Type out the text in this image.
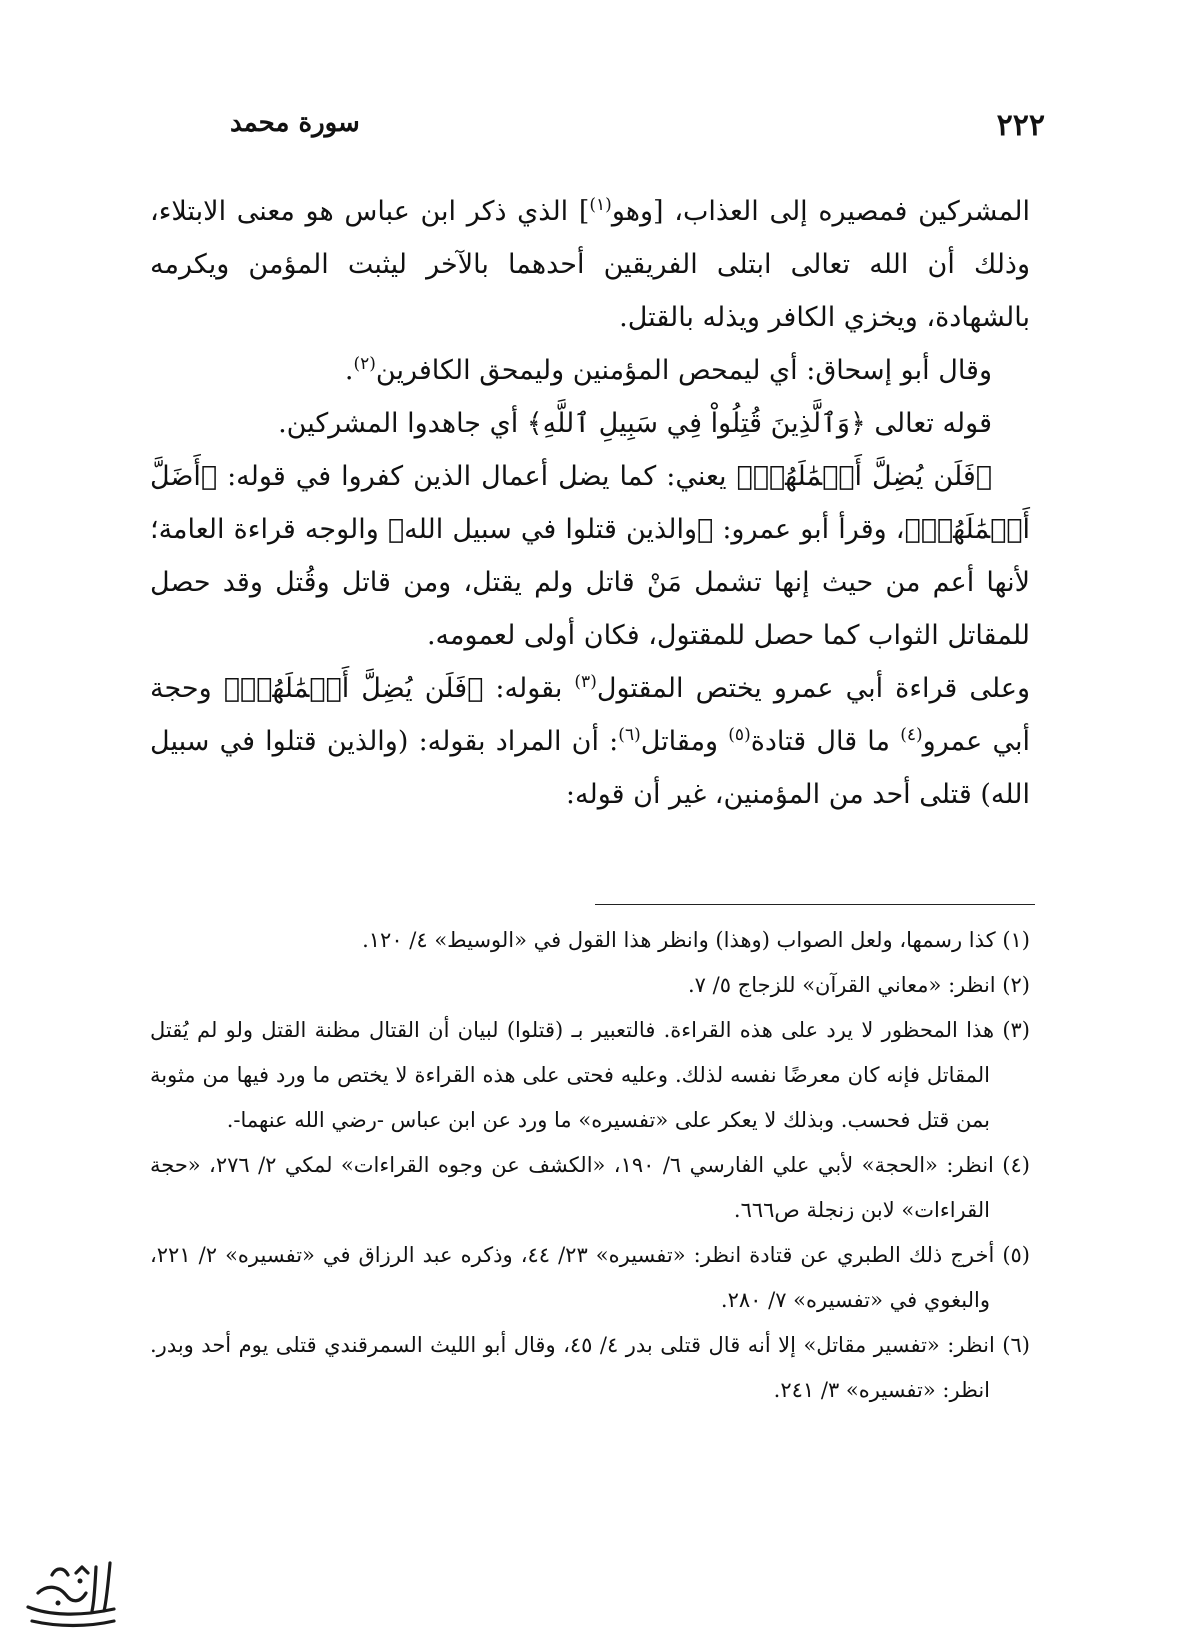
٢٢٢
سورة محمد

المشركين فمصيره إلى العذاب، [وهو$^{(١)}$] الذي ذكر ابن عباس هو معنى الابتلاء، وذلك أن الله تعالى ابتلى الفريقين أحدهما بالآخر ليثبت المؤمن ويكرمه بالشهادة، ويخزي الكافر ويذله بالقتل.

وقال أبو إسحاق: أي ليمحص المؤمنين وليمحق الكافرين$^{(٢)}$.

قوله تعالى ﴿وَٱلَّذِينَ قُتِلُواْ فِي سَبِيلِ ٱللَّهِ﴾ أي جاهدوا المشركين.

﴿فَلَن يُضِلَّ أَعۡمَٰلَهُمۡ﴾ يعني: كما يضل أعمال الذين كفروا في قوله: ﴿أَضَلَّ أَعۡمَٰلَهُمۡ﴾، وقرأ أبو عمرو: ﴿والذين قتلوا في سبيل الله﴾ والوجه قراءة العامة؛ لأنها أعم من حيث إنها تشمل مَنْ قاتل ولم يقتل، ومن قاتل وقُتل وقد حصل للمقاتل الثواب كما حصل للمقتول، فكان أولى لعمومه.

وعلى قراءة أبي عمرو يختص المقتول$^{(٣)}$ بقوله: ﴿فَلَن يُضِلَّ أَعۡمَٰلَهُمۡ﴾ وحجة أبي عمرو$^{(٤)}$ ما قال قتادة$^{(٥)}$ ومقاتل$^{(٦)}$: أن المراد بقوله: (والذين قتلوا في سبيل الله) قتلى أحد من المؤمنين، غير أن قوله:

(١) كذا رسمها، ولعل الصواب (وهذا) وانظر هذا القول في «الوسيط» ٤/ ١٢٠.

(٢) انظر: «معاني القرآن» للزجاج ٥/ ٧.

(٣) هذا المحظور لا يرد على هذه القراءة. فالتعبير بـ (قتلوا) لبيان أن القتال مظنة القتل ولو لم يُقتل المقاتل فإنه كان معرضًا نفسه لذلك. وعليه فحتى على هذه القراءة لا يختص ما ورد فيها من مثوبة بمن قتل فحسب. وبذلك لا يعكر على «تفسيره» ما ورد عن ابن عباس -رضي الله عنهما-.

(٤) انظر: «الحجة» لأبي علي الفارسي ٦/ ١٩٠، «الكشف عن وجوه القراءات» لمكي ٢/ ٢٧٦، «حجة القراءات» لابن زنجلة ص٦٦٦.

(٥) أخرج ذلك الطبري عن قتادة انظر: «تفسيره» ٢٣/ ٤٤، وذكره عبد الرزاق في «تفسيره» ٢/ ٢٢١، والبغوي في «تفسيره» ٧/ ٢٨٠.

(٦) انظر: «تفسير مقاتل» إلا أنه قال قتلى بدر ٤/ ٤٥، وقال أبو الليث السمرقندي قتلى يوم أحد وبدر. انظر: «تفسيره» ٣/ ٢٤١.
